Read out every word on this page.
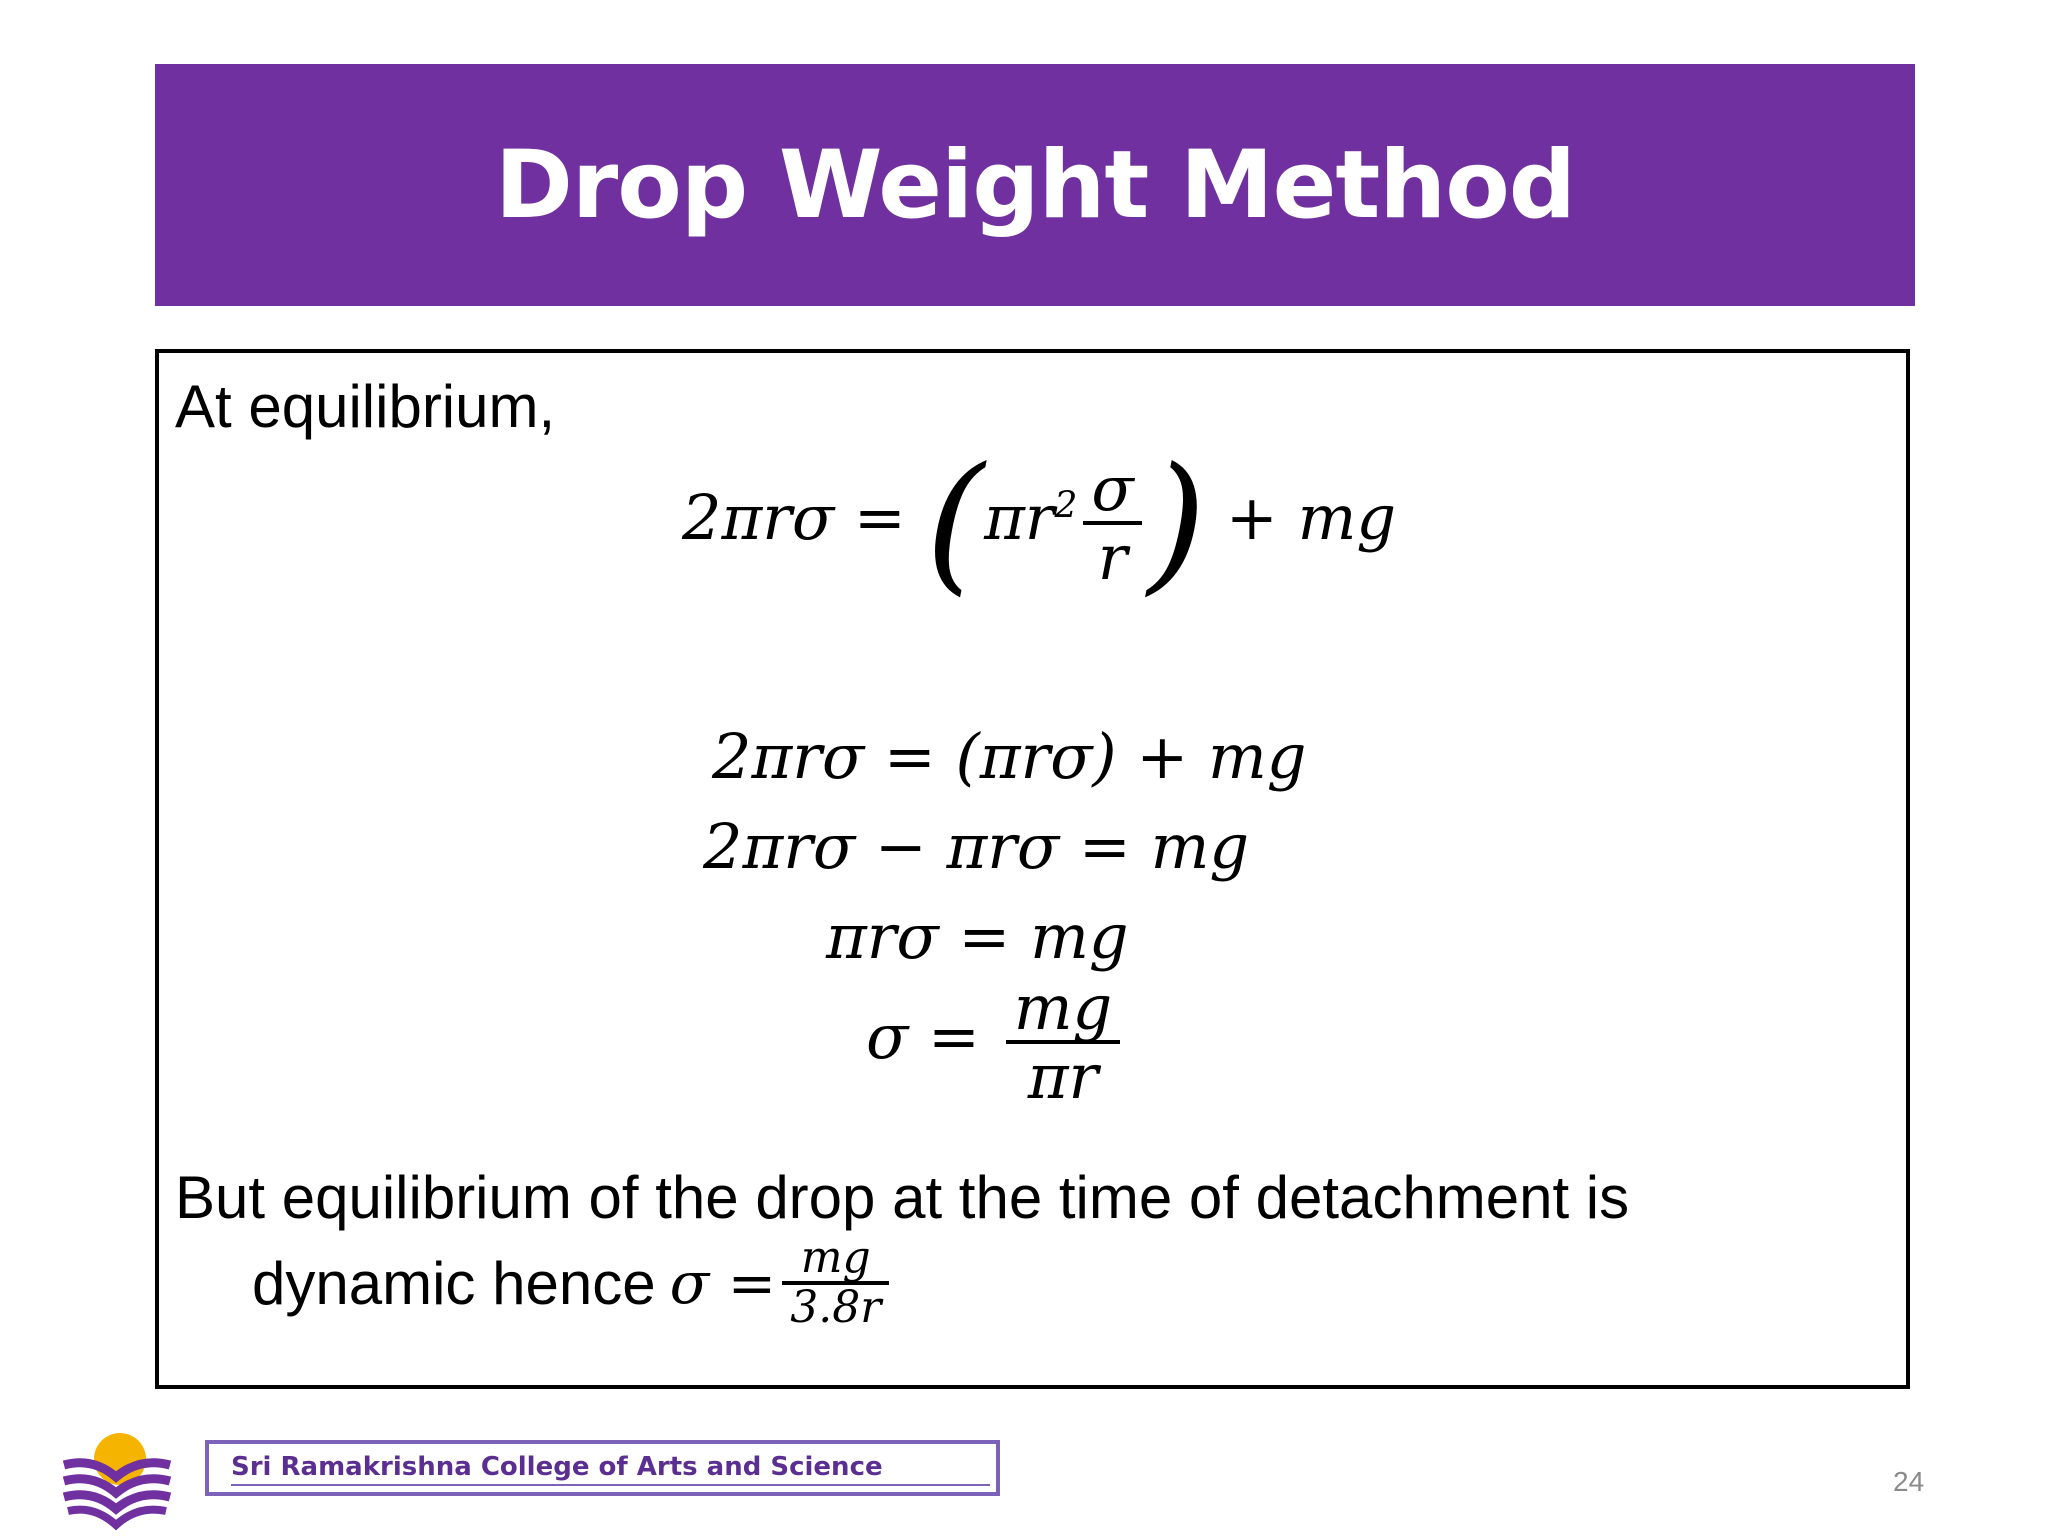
Drop Weight Method
At equilibrium,
$2\pi r\sigma = (\pi r^2 \frac{\sigma}{r}$ ) + mg
2πrσ = (πrσ) + mg
2πrσ − πrσ = mg
πrσ = mg
$\sigma = \frac{mg}{\pi r}$
But equilibrium of the drop at the time of detachment is
dynamic hence $\sigma = \frac{mg}{3.8r}$
Sri Ramakrishna College of Arts and Science	24
